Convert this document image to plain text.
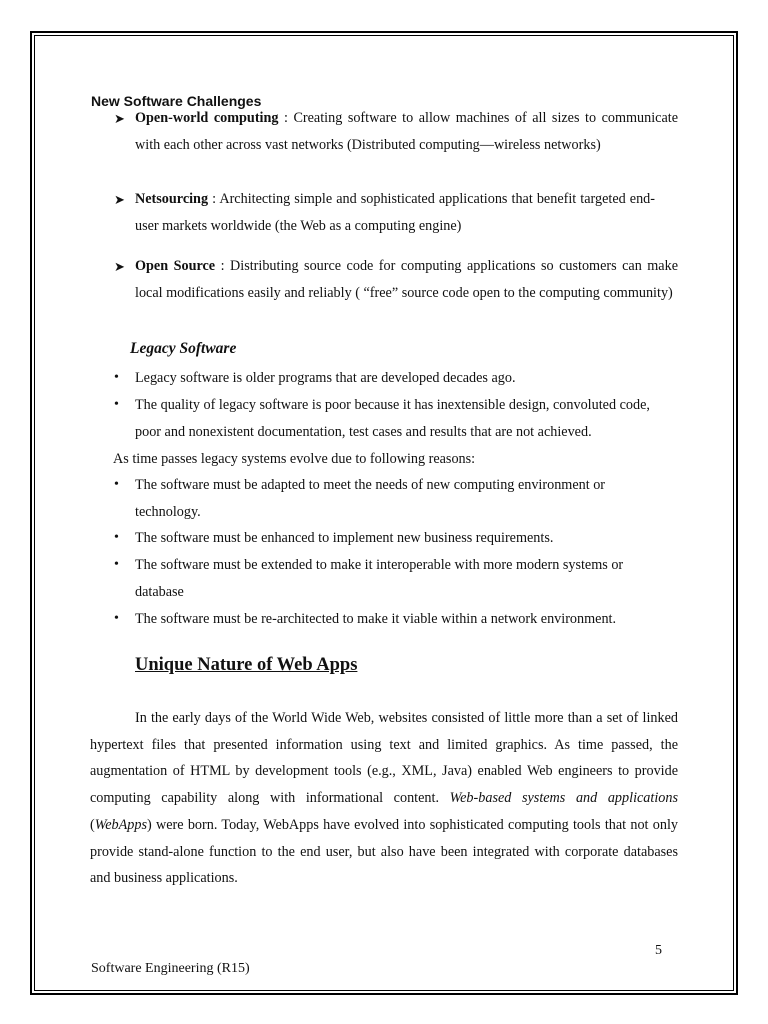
New Software Challenges
➤ Open-world computing : Creating software to allow machines of all sizes to communicate with each other across vast networks (Distributed computing—wireless networks)
➤ Netsourcing : Architecting simple and sophisticated applications that benefit targeted end-user markets worldwide (the Web as a computing engine)
➤ Open Source : Distributing source code for computing applications so customers can make local modifications easily and reliably ( “free” source code open to the computing community)
Legacy Software
• Legacy software is older programs that are developed decades ago.
• The quality of legacy software is poor because it has inextensible design, convoluted code, poor and nonexistent documentation, test cases and results that are not achieved.
As time passes legacy systems evolve due to following reasons:
• The software must be adapted to meet the needs of new computing environment or technology.
• The software must be enhanced to implement new business requirements.
• The software must be extended to make it interoperable with more modern systems or database
• The software must be re-architected to make it viable within a network environment.
Unique Nature of Web Apps
In the early days of the World Wide Web, websites consisted of little more than a set of linked hypertext files that presented information using text and limited graphics. As time passed, the augmentation of HTML by development tools (e.g., XML, Java) enabled Web engineers to provide computing capability along with informational content. Web-based systems and applications (WebApps) were born. Today, WebApps have evolved into sophisticated computing tools that not only provide stand-alone function to the end user, but also have been integrated with corporate databases and business applications.
5
Software Engineering (R15)
